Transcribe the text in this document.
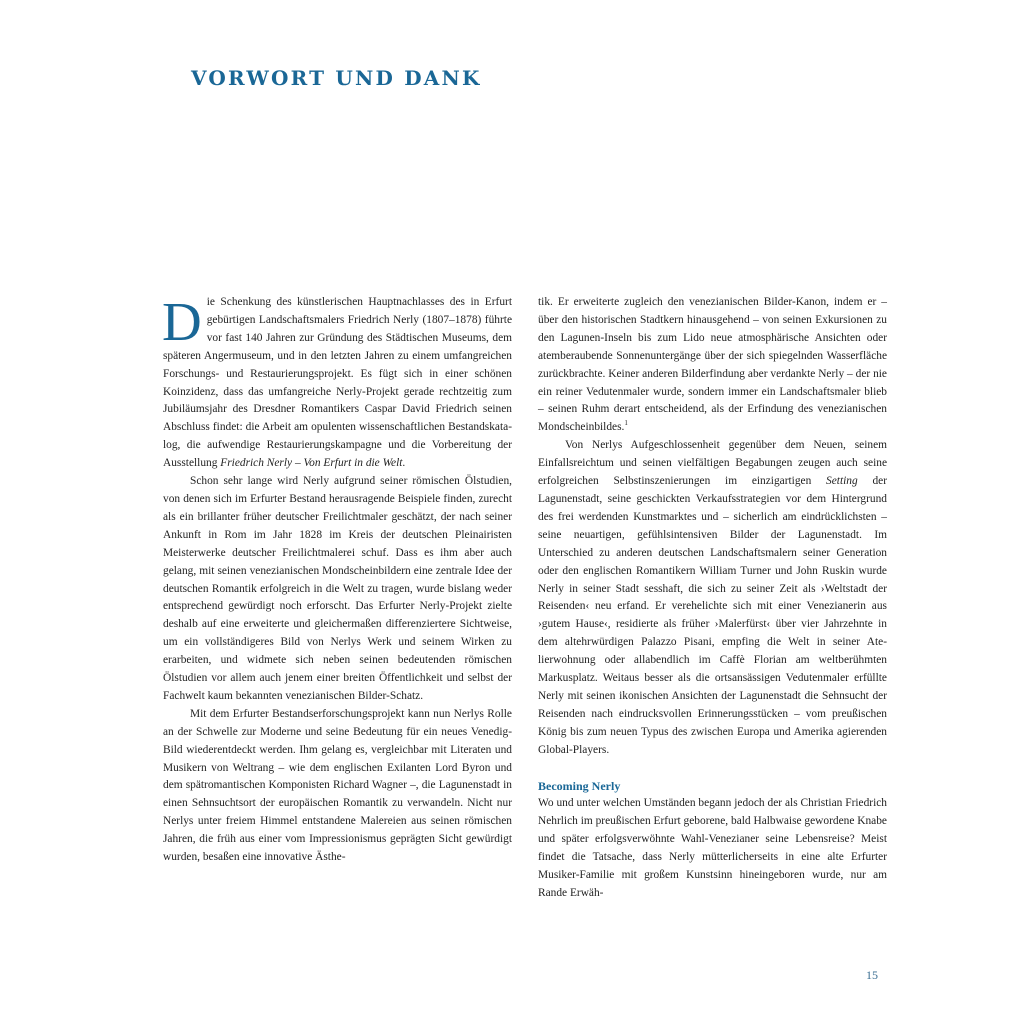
VORWORT UND DANK

Die Schenkung des künstlerischen Hauptnachlasses des in Erfurt gebürtigen Landschaftsmalers Friedrich Nerly (1807–1878) führte vor fast 140 Jahren zur Gründung des Städtischen Museums, dem späteren Angermuseum, und in den letzten Jahren zu einem umfangreichen Forschungs- und Restaurierungsprojekt. Es fügt sich in einer schönen Koinzidenz, dass das umfangreiche Nerly-Projekt gerade rechtzeitig zum Jubiläumsjahr des Dresdner Romantikers Caspar David Friedrich seinen Abschluss findet: die Arbeit am opulenten wissenschaftlichen Bestandskatalog, die aufwendige Restaurierungskampagne und die Vorbereitung der Ausstellung Friedrich Nerly – Von Erfurt in die Welt.

Schon sehr lange wird Nerly aufgrund seiner römischen Ölstudien, von denen sich im Erfurter Bestand herausragende Beispiele finden, zurecht als ein brillanter früher deutscher Freilichtmaler geschätzt, der nach seiner Ankunft in Rom im Jahr 1828 im Kreis der deutschen Pleinairisten Meisterwerke deutscher Freilichtmalerei schuf. Dass es ihm aber auch gelang, mit seinen venezianischen Mondscheinbildern eine zentrale Idee der deutschen Romantik erfolgreich in die Welt zu tragen, wurde bislang weder entsprechend gewürdigt noch erforscht. Das Erfurter Nerly-Projekt zielte deshalb auf eine erweiterte und gleichermaßen differenziertere Sichtweise, um ein vollständigeres Bild von Nerlys Werk und seinem Wirken zu erarbeiten, und widmete sich neben seinen bedeutenden römischen Ölstudien vor allem auch jenem einer breiten Öffentlichkeit und selbst der Fachwelt kaum bekannten venezianischen Bilder-Schatz.

Mit dem Erfurter Bestandserforschungsprojekt kann nun Nerlys Rolle an der Schwelle zur Moderne und seine Bedeutung für ein neues Venedig-Bild wiederentdeckt werden. Ihm gelang es, vergleichbar mit Literaten und Musikern von Weltrang – wie dem englischen Exilanten Lord Byron und dem spätromantischen Komponisten Richard Wagner –, die Lagunenstadt in einen Sehnsuchtsort der europäischen Romantik zu verwandeln. Nicht nur Nerlys unter freiem Himmel entstandene Malereien aus seinen römischen Jahren, die früh aus einer vom Impressionismus geprägten Sicht gewürdigt wurden, besaßen eine innovative Ästhe-

tik. Er erweiterte zugleich den venezianischen Bilder-Kanon, indem er – über den historischen Stadtkern hinausgehend – von seinen Exkursionen zu den Lagunen-Inseln bis zum Lido neue atmosphärische Ansichten oder atemberaubende Sonnenuntergänge über der sich spiegelnden Wasserfläche zurückbrachte. Keiner anderen Bilderfindung aber verdankte Nerly – der nie ein reiner Vedutenmaler wurde, sondern immer ein Landschaftsmaler blieb – seinen Ruhm derart entscheidend, als der Erfindung des venezianischen Mondscheinbildes.$^1$

Von Nerlys Aufgeschlossenheit gegenüber dem Neuen, seinem Einfallsreichtum und seinen vielfältigen Begabungen zeugen auch seine erfolgreichen Selbstinszenierungen im einzigartigen Setting der Lagunenstadt, seine geschickten Verkaufsstrategien vor dem Hintergrund des frei werdenden Kunstmarktes und – sicherlich am eindrücklichsten – seine neuartigen, gefühlsintensiven Bilder der Lagunenstadt. Im Unterschied zu anderen deutschen Landschaftsmalern seiner Generation oder den englischen Romantikern William Turner und John Ruskin wurde Nerly in seiner Stadt sesshaft, die sich zu seiner Zeit als ›Weltstadt der Reisenden‹ neu erfand. Er verehelichte sich mit einer Venezianerin aus ›gutem Hause‹, residierte als früher ›Malerfürst‹ über vier Jahrzehnte in dem altehrwürdigen Palazzo Pisani, empfing die Welt in seiner Atelierwohnung oder allabendlich im Caffè Florian am weltberühmten Markusplatz. Weitaus besser als die ortsansässigen Vedutenmaler erfüllte Nerly mit seinen ikonischen Ansichten der Lagunenstadt die Sehnsucht der Reisenden nach eindrucksvollen Erinnerungsstücken – vom preußischen König bis zum neuen Typus des zwischen Europa und Amerika agierenden Global-Players.

Becoming Nerly

Wo und unter welchen Umständen begann jedoch der als Christian Friedrich Nehrlich im preußischen Erfurt geborene, bald Halbwaise gewordene Knabe und später erfolgsverwöhnte Wahl-Venezianer seine Lebensreise? Meist findet die Tatsache, dass Nerly mütterlicherseits in eine alte Erfurter Musiker-Familie mit großem Kunstsinn hineingeboren wurde, nur am Rande Erwäh-

15
